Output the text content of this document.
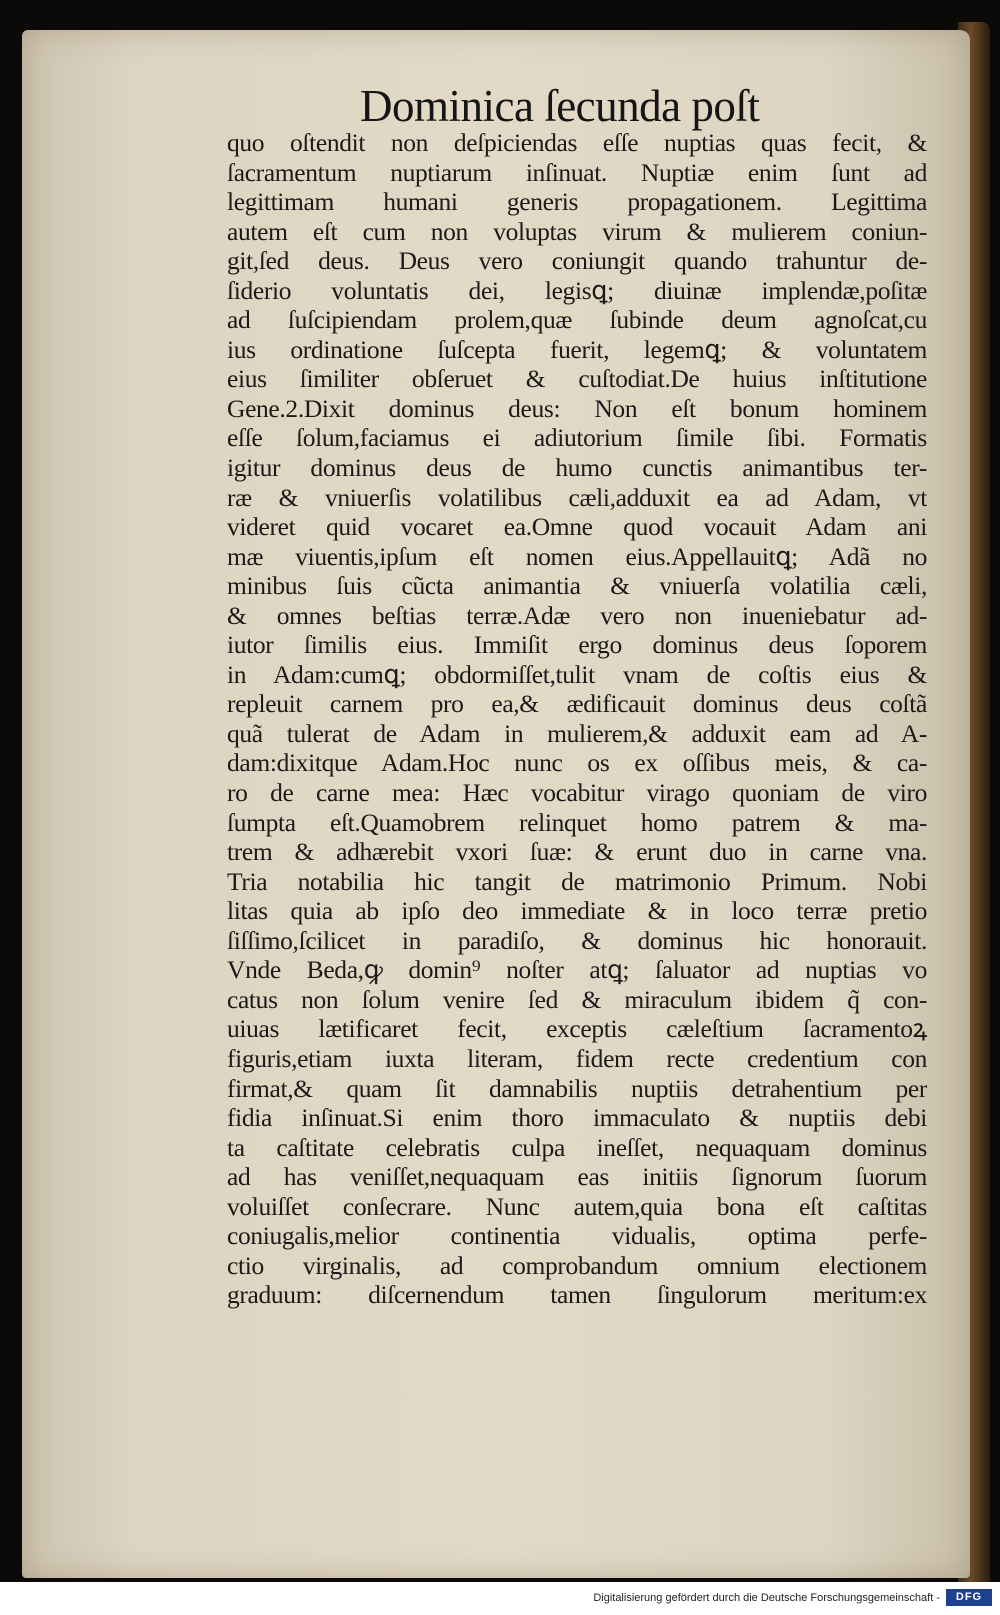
Dominica ſecunda poſt
quo oſtendit non deſpiciendas eſſe nuptias quas fecit, &
ſacramentum nuptiarum inſinuat. Nuptiæ enim ſunt ad
legittimam humani generis propagationem. Legittima
autem eſt cum non voluptas virum & mulierem coniun-
git,ſed deus. Deus vero coniungit quando trahuntur de-
ſiderio voluntatis dei, legisꝗ; diuinæ implendæ,poſitæ
ad ſuſcipiendam prolem,quæ ſubinde deum agnoſcat,cu
ius ordinatione ſuſcepta fuerit, legemꝗ; & voluntatem
eius ſimiliter obſeruet & cuſtodiat.De huius inſtitutione
Gene.2.Dixit dominus deus: Non eſt bonum hominem
eſſe ſolum,faciamus ei adiutorium ſimile ſibi. Formatis
igitur dominus deus de humo cunctis animantibus ter-
ræ & vniuerſis volatilibus cæli,adduxit ea ad Adam, vt
videret quid vocaret ea.Omne quod vocauit Adam ani
mæ viuentis,ipſum eſt nomen eius.Appellauitꝗ; Adã no
minibus ſuis cũcta animantia & vniuerſa volatilia cæli,
& omnes beſtias terræ.Adæ vero non inueniebatur ad-
iutor ſimilis eius. Immiſit ergo dominus deus ſoporem
in Adam:cumꝗ; obdormiſſet,tulit vnam de coſtis eius &
repleuit carnem pro ea,& ædificauit dominus deus coſtã
quã tulerat de Adam in mulierem,& adduxit eam ad A-
dam:dixitque Adam.Hoc nunc os ex oſſibus meis, & ca-
ro de carne mea: Hæc vocabitur virago quoniam de viro
ſumpta eſt.Quamobrem relinquet homo patrem & ma-
trem & adhærebit vxori ſuæ: & erunt duo in carne vna.
Tria notabilia hic tangit de matrimonio Primum. Nobi
litas quia ab ipſo deo immediate & in loco terræ pretio
ſiſſimo,ſcilicet in paradiſo, & dominus hic honorauit.
Vnde Beda,ꝙ domin⁹ noſter atꝗ; ſaluator ad nuptias vo
catus non ſolum venire ſed & miraculum ibidem q̃ con-
uiuas lætificaret fecit, exceptis cæleſtium ſacramentoꝝ
figuris,etiam iuxta literam, fidem recte credentium con
firmat,& quam ſit damnabilis nuptiis detrahentium per
fidia inſinuat.Si enim thoro immaculato & nuptiis debi
ta caſtitate celebratis culpa ineſſet, nequaquam dominus
ad has veniſſet,nequaquam eas initiis ſignorum ſuorum
voluiſſet conſecrare. Nunc autem,quia bona eſt caſtitas
coniugalis,melior continentia vidualis, optima perfe-
ctio virginalis, ad comprobandum omnium electionem
graduum: diſcernendum tamen ſingulorum meritum:ex
Digitalisierung gefördert durch die Deutsche Forschungsgemeinschaft -	DFG
